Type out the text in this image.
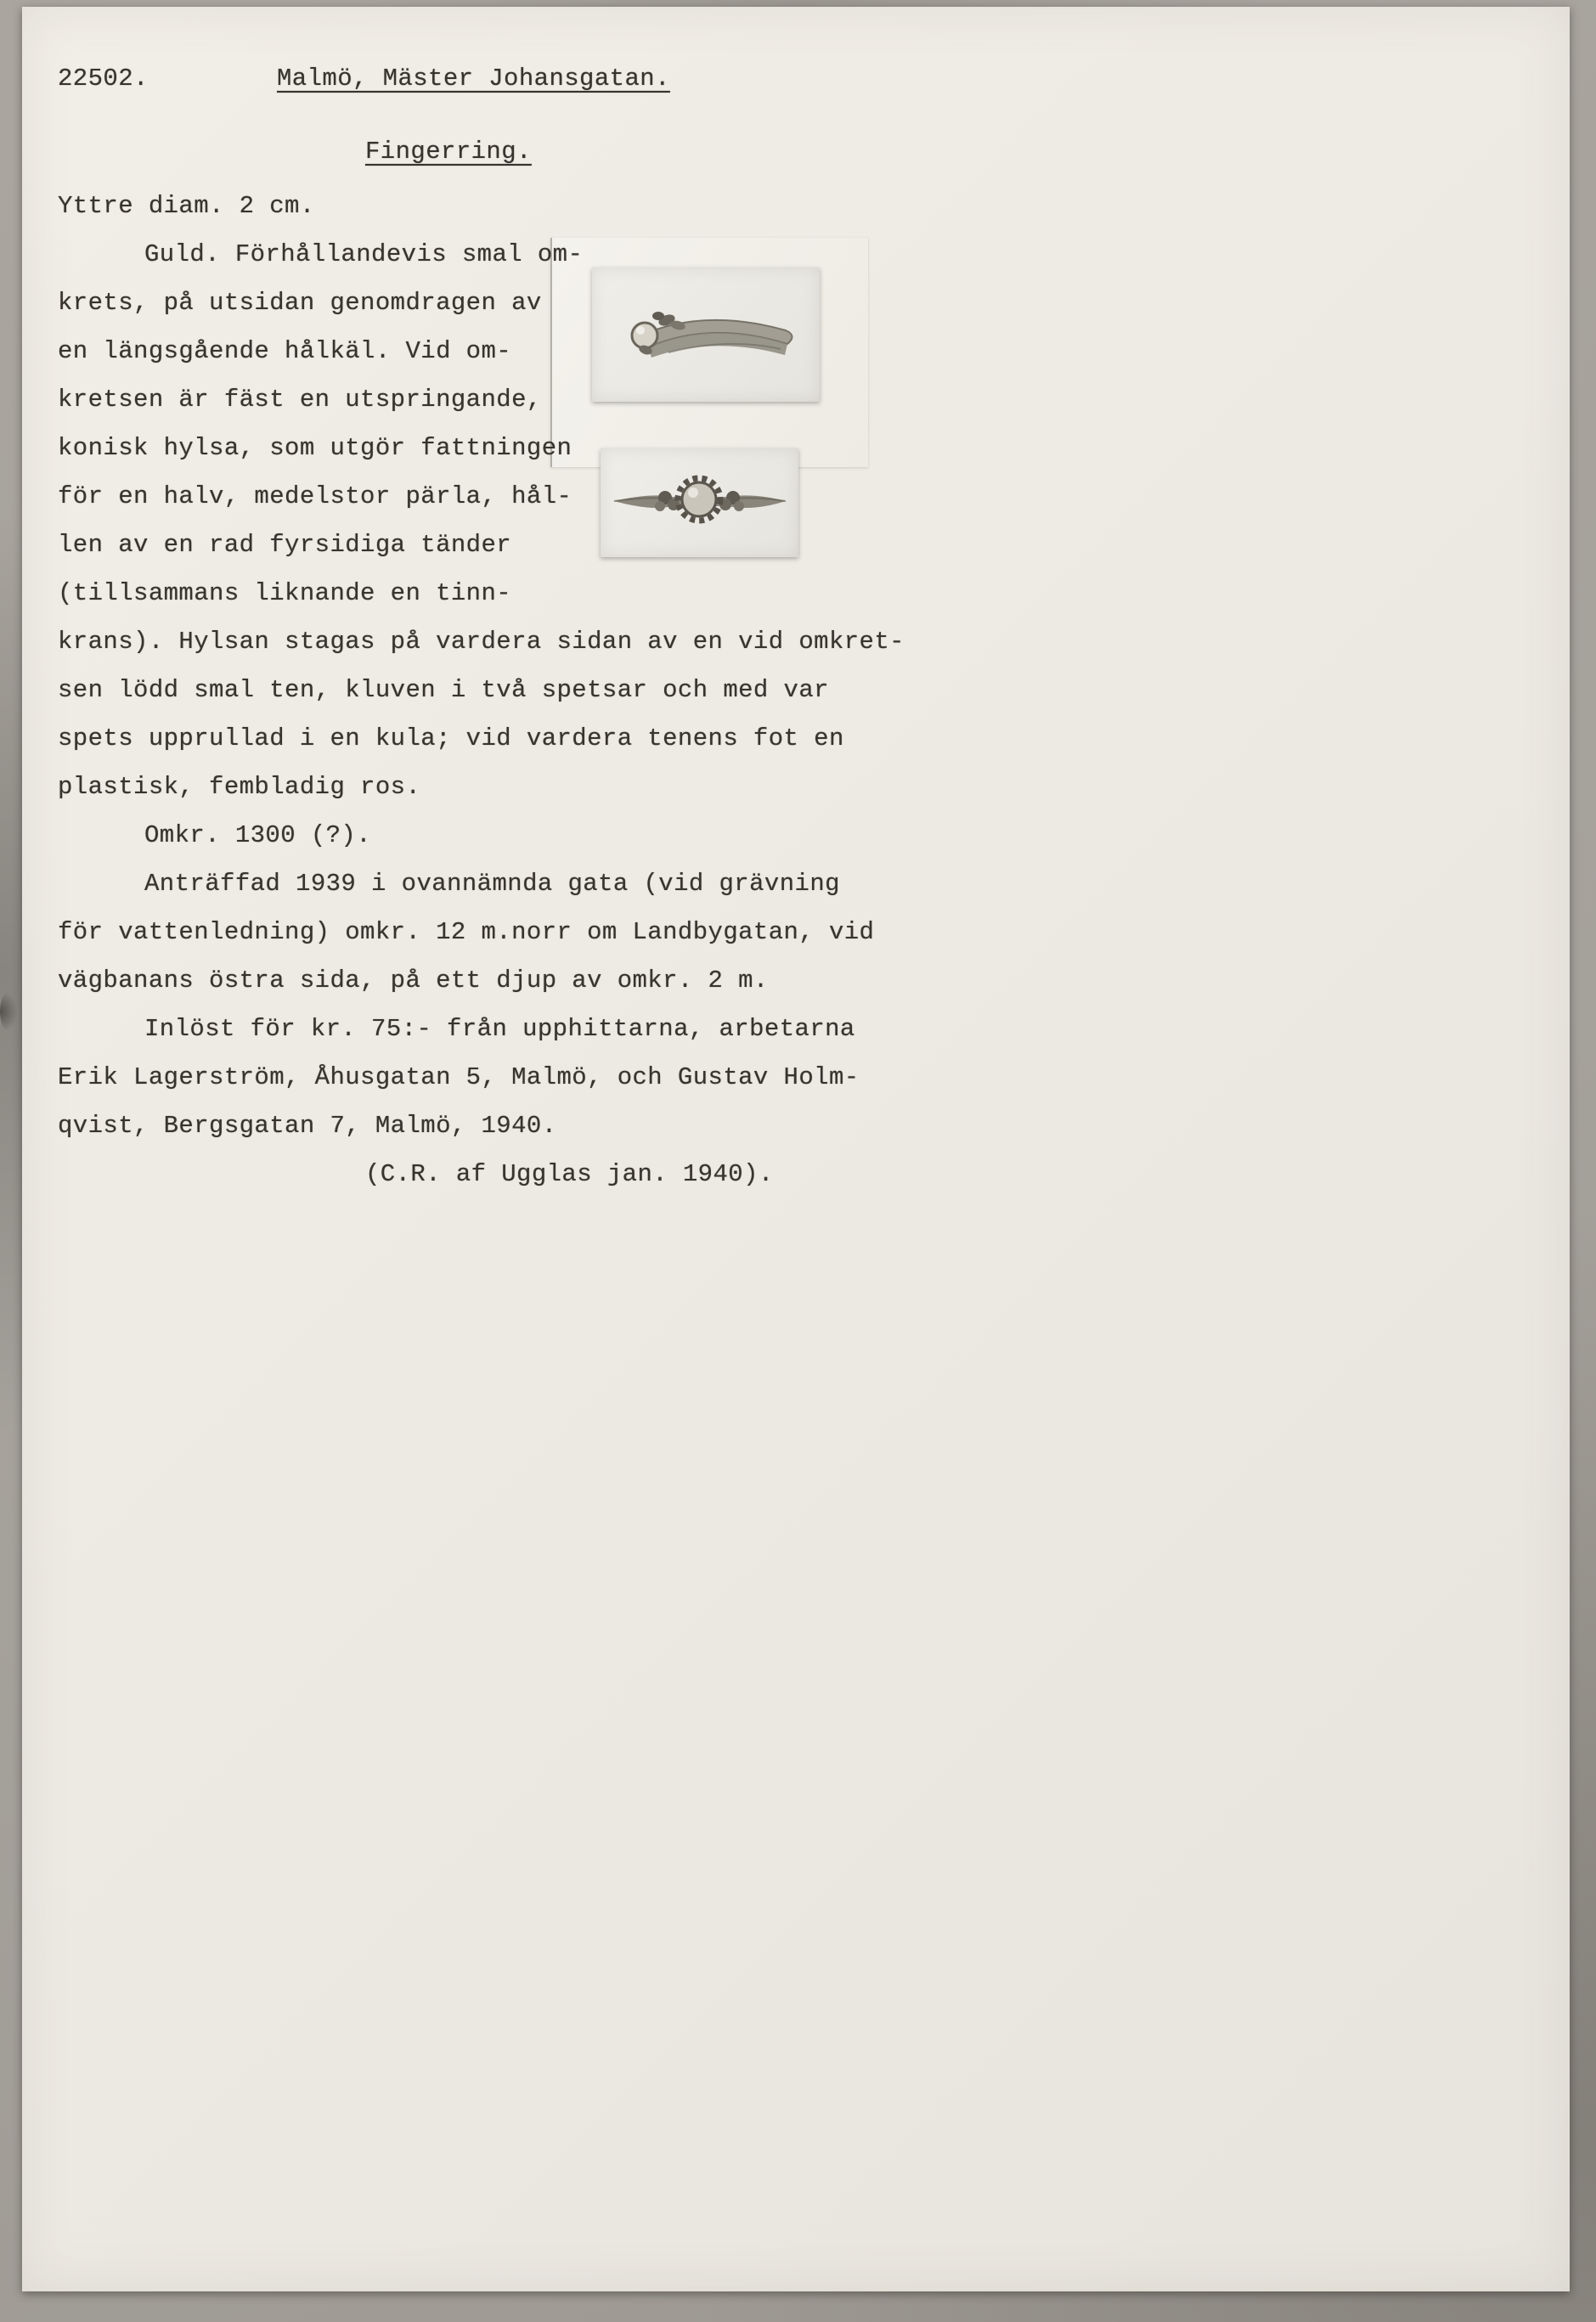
22502.	Malmö, Mäster Johansgatan.
Fingerring.
Yttre diam. 2 cm.
Guld. Förhållandevis smal om-
krets, på utsidan genomdragen av
en längsgående hålkäl. Vid om-
kretsen är fäst en utspringande,
konisk hylsa, som utgör fattningen
för en halv, medelstor pärla, hål-
len av en rad fyrsidiga tänder
(tillsammans liknande en tinn-
krans). Hylsan stagas på vardera sidan av en vid omkret-
sen lödd smal ten, kluven i två spetsar och med var
spets upprullad i en kula; vid vardera tenens fot en
plastisk, fembladig ros.
Omkr. 1300 (?).
Anträffad 1939 i ovannämnda gata (vid grävning
för vattenledning) omkr. 12 m.norr om Landbygatan, vid
vägbanans östra sida, på ett djup av omkr. 2 m.
Inlöst för kr. 75:- från upphittarna, arbetarna
Erik Lagerström, Åhusgatan 5, Malmö, och Gustav Holm-
qvist, Bergsgatan 7, Malmö, 1940.
(C.R. af Ugglas jan. 1940).
